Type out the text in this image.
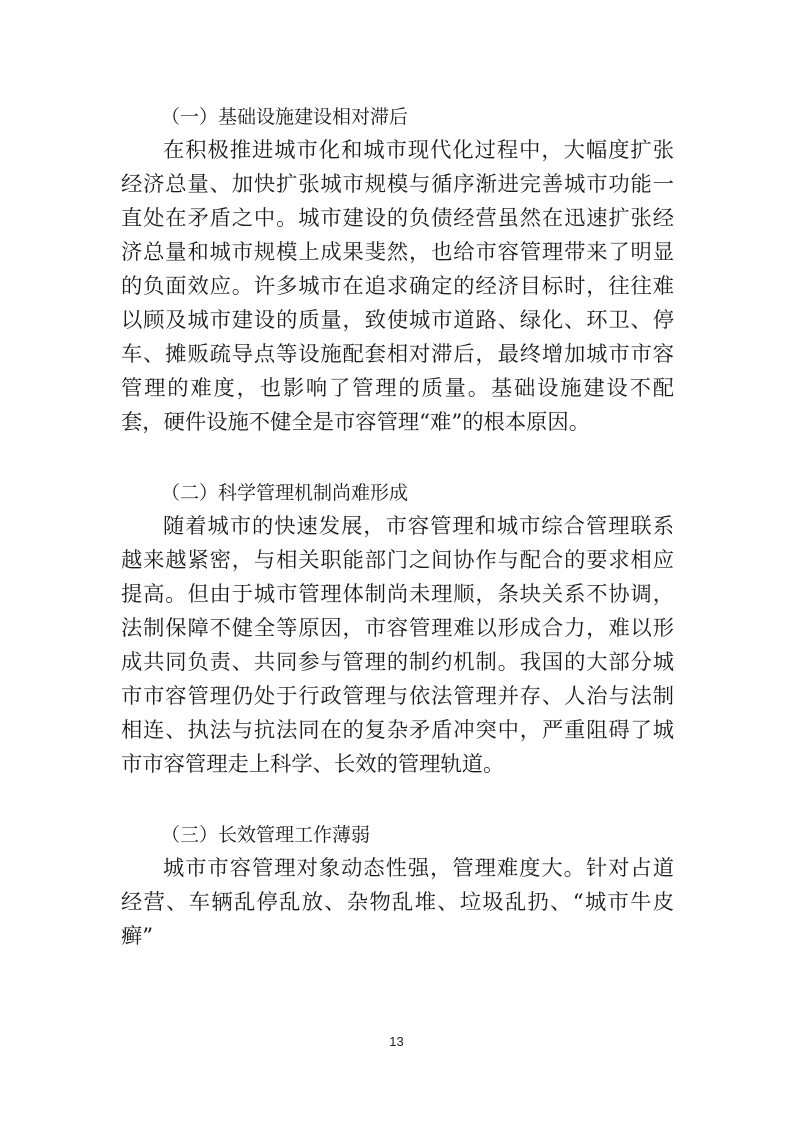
（一）基础设施建设相对滞后

在积极推进城市化和城市现代化过程中，大幅度扩张经济总量、加快扩张城市规模与循序渐进完善城市功能一直处在矛盾之中。城市建设的负债经营虽然在迅速扩张经济总量和城市规模上成果斐然，也给市容管理带来了明显的负面效应。许多城市在追求确定的经济目标时，往往难以顾及城市建设的质量，致使城市道路、绿化、环卫、停车、摊贩疏导点等设施配套相对滞后，最终增加城市市容管理的难度，也影响了管理的质量。基础设施建设不配套，硬件设施不健全是市容管理“难”的根本原因。

（二）科学管理机制尚难形成

随着城市的快速发展，市容管理和城市综合管理联系越来越紧密，与相关职能部门之间协作与配合的要求相应提高。但由于城市管理体制尚未理顺，条块关系不协调，法制保障不健全等原因，市容管理难以形成合力，难以形成共同负责、共同参与管理的制约机制。我国的大部分城市市容管理仍处于行政管理与依法管理并存、人治与法制相连、执法与抗法同在的复杂矛盾冲突中，严重阻碍了城市市容管理走上科学、长效的管理轨道。

（三）长效管理工作薄弱

城市市容管理对象动态性强，管理难度大。针对占道经营、车辆乱停乱放、杂物乱堆、垃圾乱扔、“城市牛皮癣”

13
